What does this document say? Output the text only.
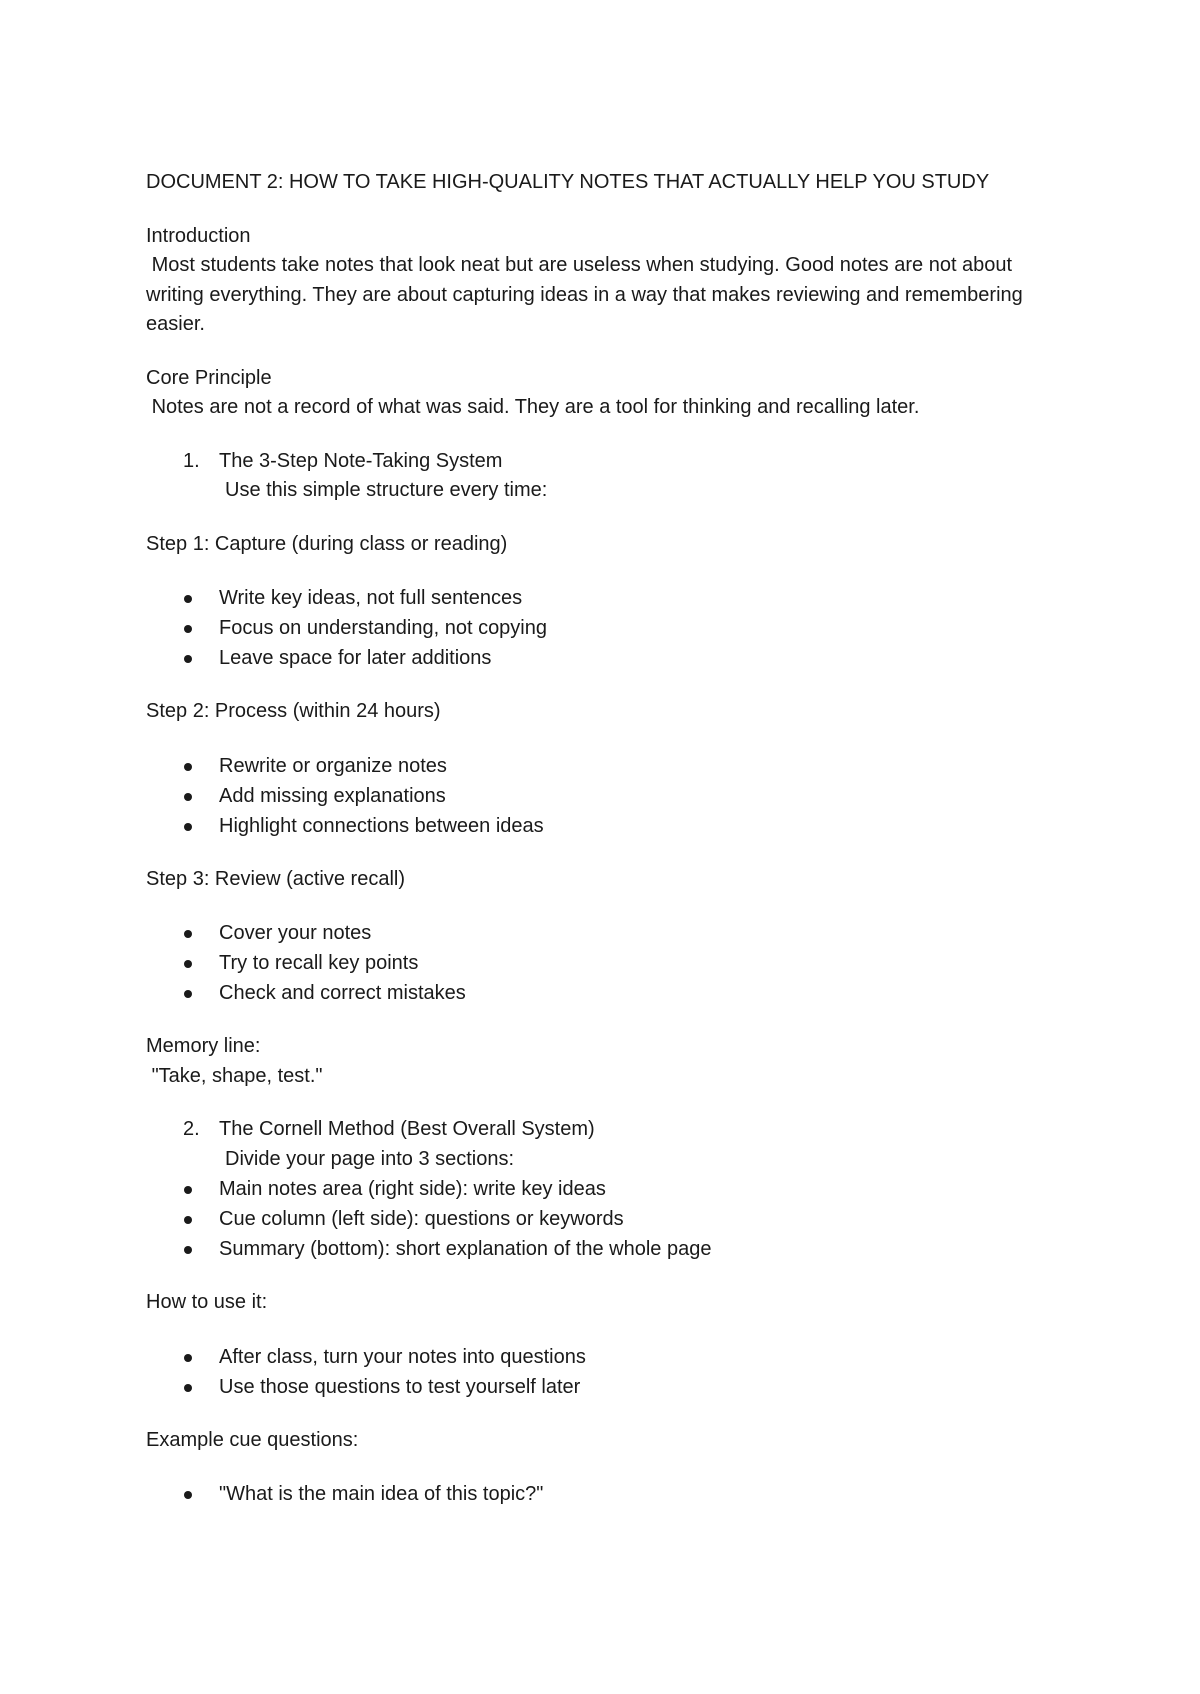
DOCUMENT 2: HOW TO TAKE HIGH-QUALITY NOTES THAT ACTUALLY HELP YOU STUDY

Introduction

Most students take notes that look neat but are useless when studying. Good notes are not about writing everything. They are about capturing ideas in a way that makes reviewing and remembering easier.

Core Principle

Notes are not a record of what was said. They are a tool for thinking and recalling later.

1. The 3-Step Note-Taking System
Use this simple structure every time:

Step 1: Capture (during class or reading)

Write key ideas, not full sentences
Focus on understanding, not copying
Leave space for later additions

Step 2: Process (within 24 hours)

Rewrite or organize notes
Add missing explanations
Highlight connections between ideas

Step 3: Review (active recall)

Cover your notes
Try to recall key points
Check and correct mistakes

Memory line:

"Take, shape, test."

2. The Cornell Method (Best Overall System)
Divide your page into 3 sections:
Main notes area (right side): write key ideas
Cue column (left side): questions or keywords
Summary (bottom): short explanation of the whole page

How to use it:

After class, turn your notes into questions
Use those questions to test yourself later

Example cue questions:

"What is the main idea of this topic?"
